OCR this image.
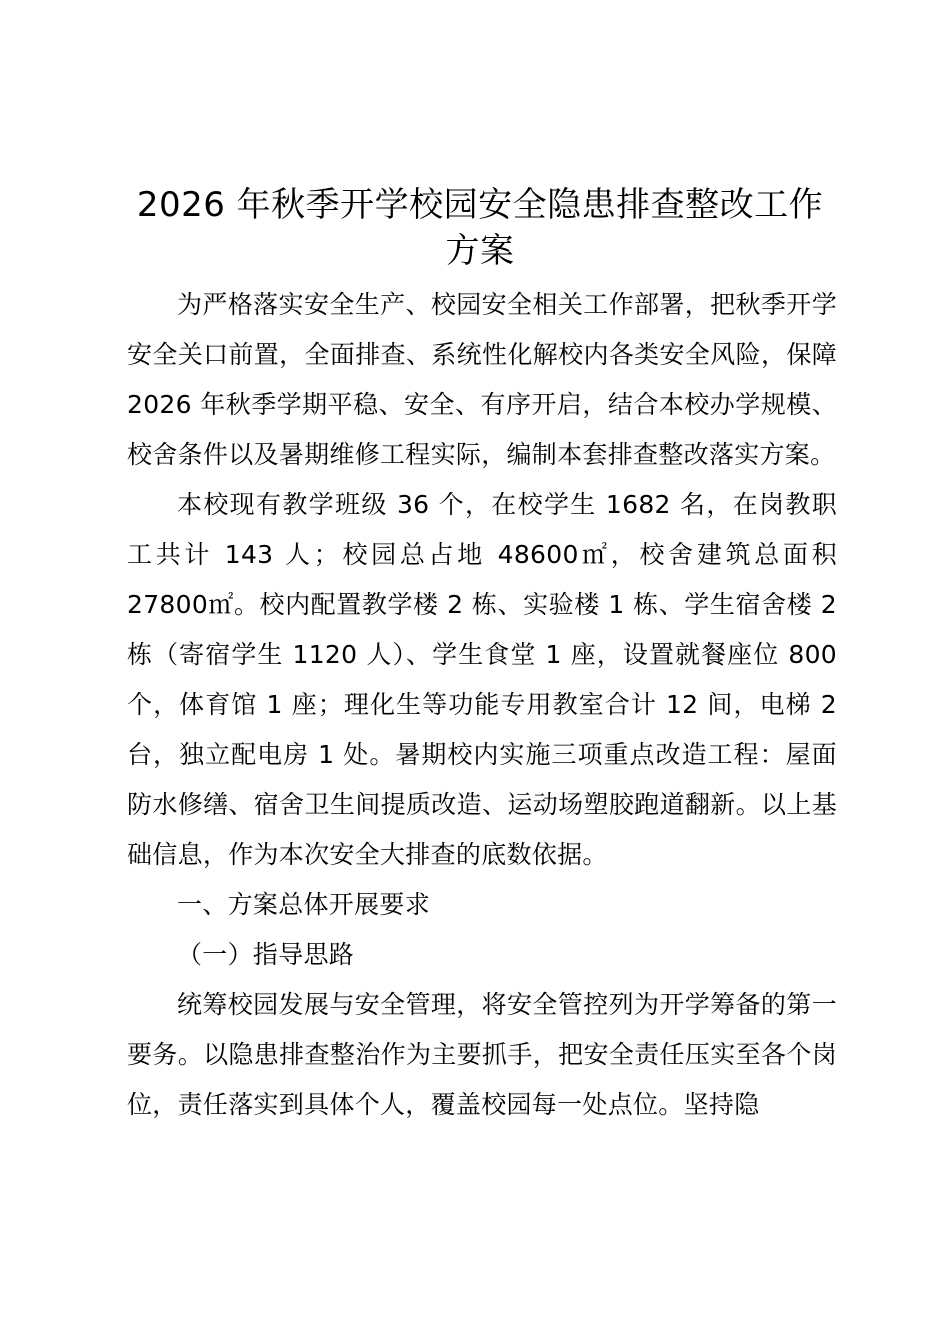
2026 年秋季开学校园安全隐患排查整改工作方案

为严格落实安全生产、校园安全相关工作部署，把秋季开学安全关口前置，全面排查、系统性化解校内各类安全风险，保障 2026 年秋季学期平稳、安全、有序开启，结合本校办学规模、校舍条件以及暑期维修工程实际，编制本套排查整改落实方案。

本校现有教学班级 36 个，在校学生 1682 名，在岗教职工共计 143 人；校园总占地 48600㎡，校舍建筑总面积 27800㎡。校内配置教学楼 2 栋、实验楼 1 栋、学生宿舍楼 2 栋（寄宿学生 1120 人）、学生食堂 1 座，设置就餐座位 800 个，体育馆 1 座；理化生等功能专用教室合计 12 间，电梯 2 台，独立配电房 1 处。暑期校内实施三项重点改造工程：屋面防水修缮、宿舍卫生间提质改造、运动场塑胶跑道翻新。以上基础信息，作为本次安全大排查的底数依据。

一、方案总体开展要求

（一）指导思路

统筹校园发展与安全管理，将安全管控列为开学筹备的第一要务。以隐患排查整治作为主要抓手，把安全责任压实至各个岗位，责任落实到具体个人，覆盖校园每一处点位。坚持隐
